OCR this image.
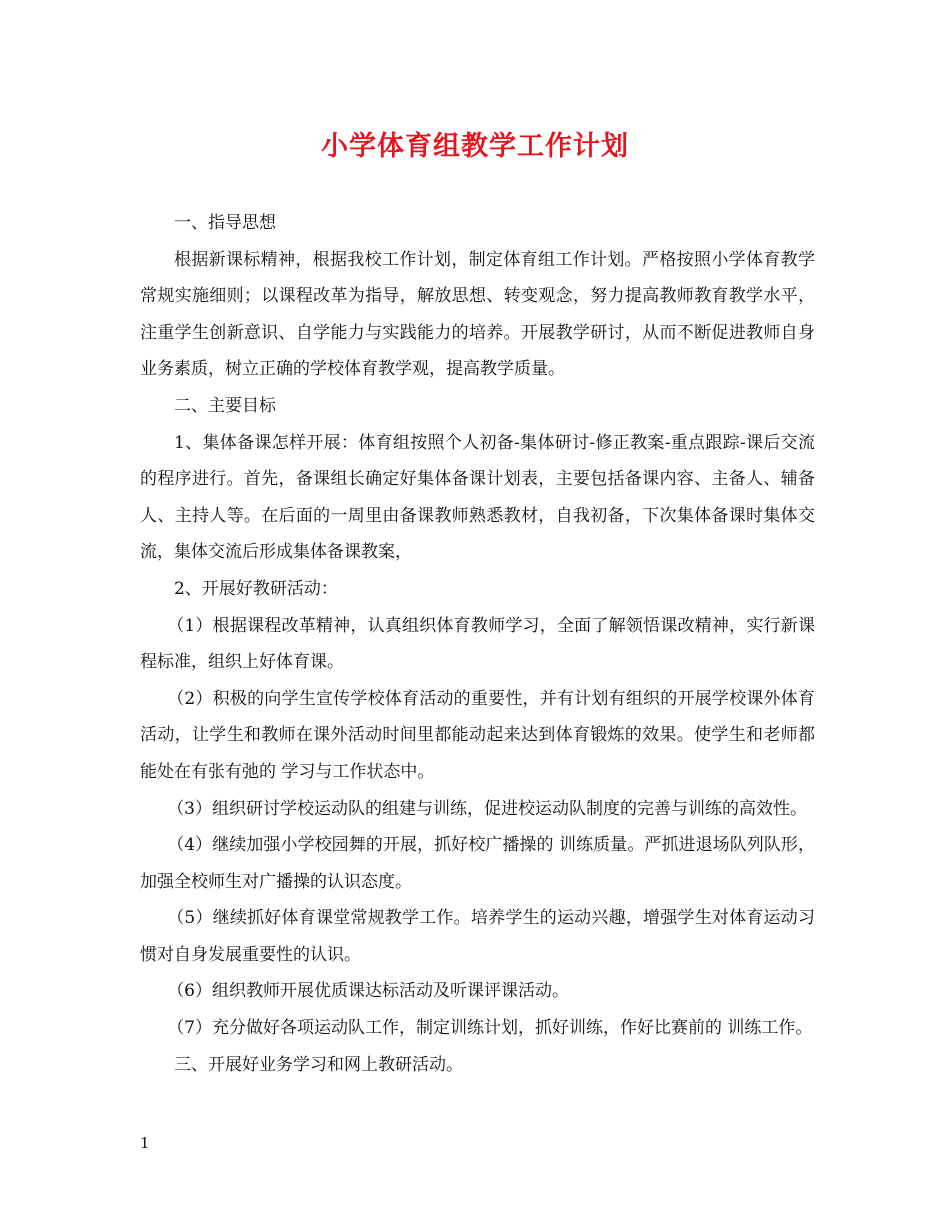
小学体育组教学工作计划

一、指导思想

根据新课标精神，根据我校工作计划，制定体育组工作计划。严格按照小学体育教学常规实施细则；以课程改革为指导，解放思想、转变观念，努力提高教师教育教学水平，注重学生创新意识、自学能力与实践能力的培养。开展教学研讨，从而不断促进教师自身业务素质，树立正确的学校体育教学观，提高教学质量。

二、主要目标

1、集体备课怎样开展：体育组按照个人初备-集体研讨-修正教案-重点跟踪-课后交流的程序进行。首先，备课组长确定好集体备课计划表，主要包括备课内容、主备人、辅备人、主持人等。在后面的一周里由备课教师熟悉教材，自我初备，下次集体备课时集体交流，集体交流后形成集体备课教案，

2、开展好教研活动：

（1）根据课程改革精神，认真组织体育教师学习，全面了解领悟课改精神，实行新课程标准，组织上好体育课。

（2）积极的向学生宣传学校体育活动的重要性，并有计划有组织的开展学校课外体育活动，让学生和教师在课外活动时间里都能动起来达到体育锻炼的效果。使学生和老师都能处在有张有弛的 学习与工作状态中。

（3）组织研讨学校运动队的组建与训练，促进校运动队制度的完善与训练的高效性。

（4）继续加强小学校园舞的开展，抓好校广播操的 训练质量。严抓进退场队列队形，加强全校师生对广播操的认识态度。

（5）继续抓好体育课堂常规教学工作。培养学生的运动兴趣，增强学生对体育运动习惯对自身发展重要性的认识。

（6）组织教师开展优质课达标活动及听课评课活动。

（7）充分做好各项运动队工作，制定训练计划，抓好训练，作好比赛前的 训练工作。

三、开展好业务学习和网上教研活动。

1
